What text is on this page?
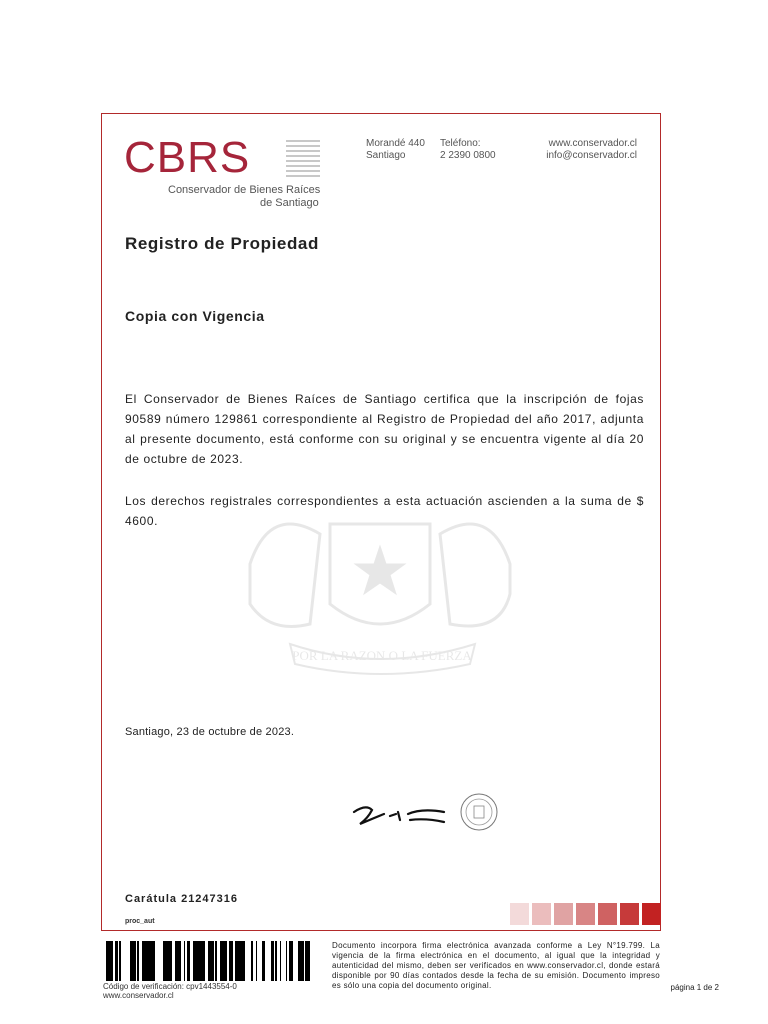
CBRS
Conservador de Bienes Raíces
de Santiago
Morandé 440
Santiago
Teléfono:
2 2390 0800
www.conservador.cl
info@conservador.cl
POR LA RAZON O LA FUERZA
Registro de Propiedad
Copia con Vigencia
El Conservador de Bienes Raíces de Santiago certifica que la inscripción de fojas 90589 número 129861 correspondiente al Registro de Propiedad del año 2017, adjunta al presente documento, está conforme con su original y se encuentra vigente al día 20 de octubre de 2023.
Los derechos registrales correspondientes a esta actuación ascienden a la suma de $ 4600.
Santiago, 23 de octubre de 2023.
Carátula 21247316
proc_aut
Código de verificación: cpv1443554-0
www.conservador.cl
Documento incorpora firma electrónica avanzada conforme a Ley N°19.799. La vigencia de la firma electrónica en el documento, al igual que la integridad y autenticidad del mismo, deben ser verificados en www.conservador.cl, donde estará disponible por 90 días contados desde la fecha de su emisión. Documento impreso es sólo una copia del documento original.	página 1 de 2
